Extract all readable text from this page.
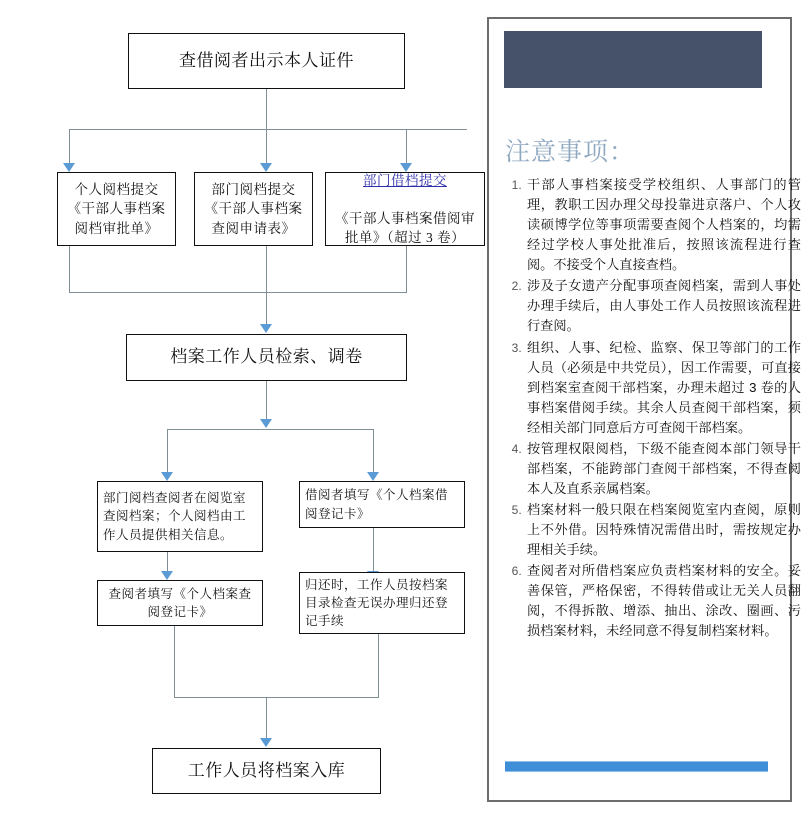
查借阅者出示本人证件
个人阅档提交《干部人事档案阅档审批单》
部门阅档提交《干部人事档案查阅申请表》
部门借档提交

《干部人事档案借阅审批单》（超过 3 卷）
档案工作人员检索、调卷
部门阅档查阅者在阅览室查阅档案；个人阅档由工作人员提供相关信息。
借阅者填写《个人档案借阅登记卡》
查阅者填写《个人档案查阅登记卡》
归还时，工作人员按档案目录检查无误办理归还登记手续
工作人员将档案入库
注意事项：
1. 干部人事档案接受学校组织、人事部门的管理，教职工因办理父母投靠进京落户、个人攻读硕博学位等事项需要查阅个人档案的，均需经过学校人事处批准后，按照该流程进行查阅。不接受个人直接查档。
2. 涉及子女遗产分配事项查阅档案，需到人事处办理手续后，由人事处工作人员按照该流程进行查阅。
3. 组织、人事、纪检、监察、保卫等部门的工作人员（必须是中共党员），因工作需要，可直接到档案室查阅干部档案，办理未超过 3 卷的人事档案借阅手续。其余人员查阅干部档案，须经相关部门同意后方可查阅干部档案。
4. 按管理权限阅档，下级不能查阅本部门领导干部档案，不能跨部门查阅干部档案，不得查阅本人及直系亲属档案。
5. 档案材料一般只限在档案阅览室内查阅，原则上不外借。因特殊情况需借出时，需按规定办理相关手续。
6. 查阅者对所借档案应负责档案材料的安全。妥善保管，严格保密，不得转借或让无关人员翻阅，不得拆散、增添、抽出、涂改、圈画、污损档案材料，未经同意不得复制档案材料。
